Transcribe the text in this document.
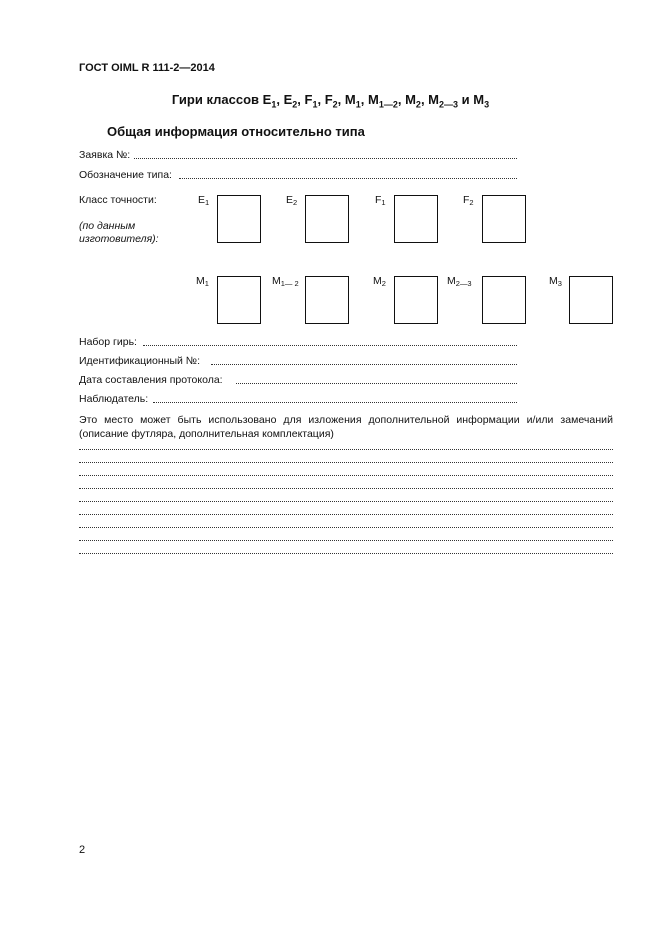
ГОСТ OIML R 111-2—2014
Гири классов $E_1$, $E_2$, $F_1$, $F_2$, $M_1$, $M_{1—2}$, $M_2$, $M_{2—3}$ и $M_3$
Общая информация относительно типа
Заявка №:
Обозначение типа:
Класс точности:
(по данным
изготовителя):
$E_1$	$E_2$	$F_1$	$F_2$
$M_1$	$M_{1— 2}$	$M_2$	$M_{2—3}$	$M_3$
Набор гирь:
Идентификационный №:
Дата составления протокола:
Наблюдатель:
Это место может быть использовано для изложения дополнительной информации и/или замечаний
(описание футляра, дополнительная комплектация)
2
